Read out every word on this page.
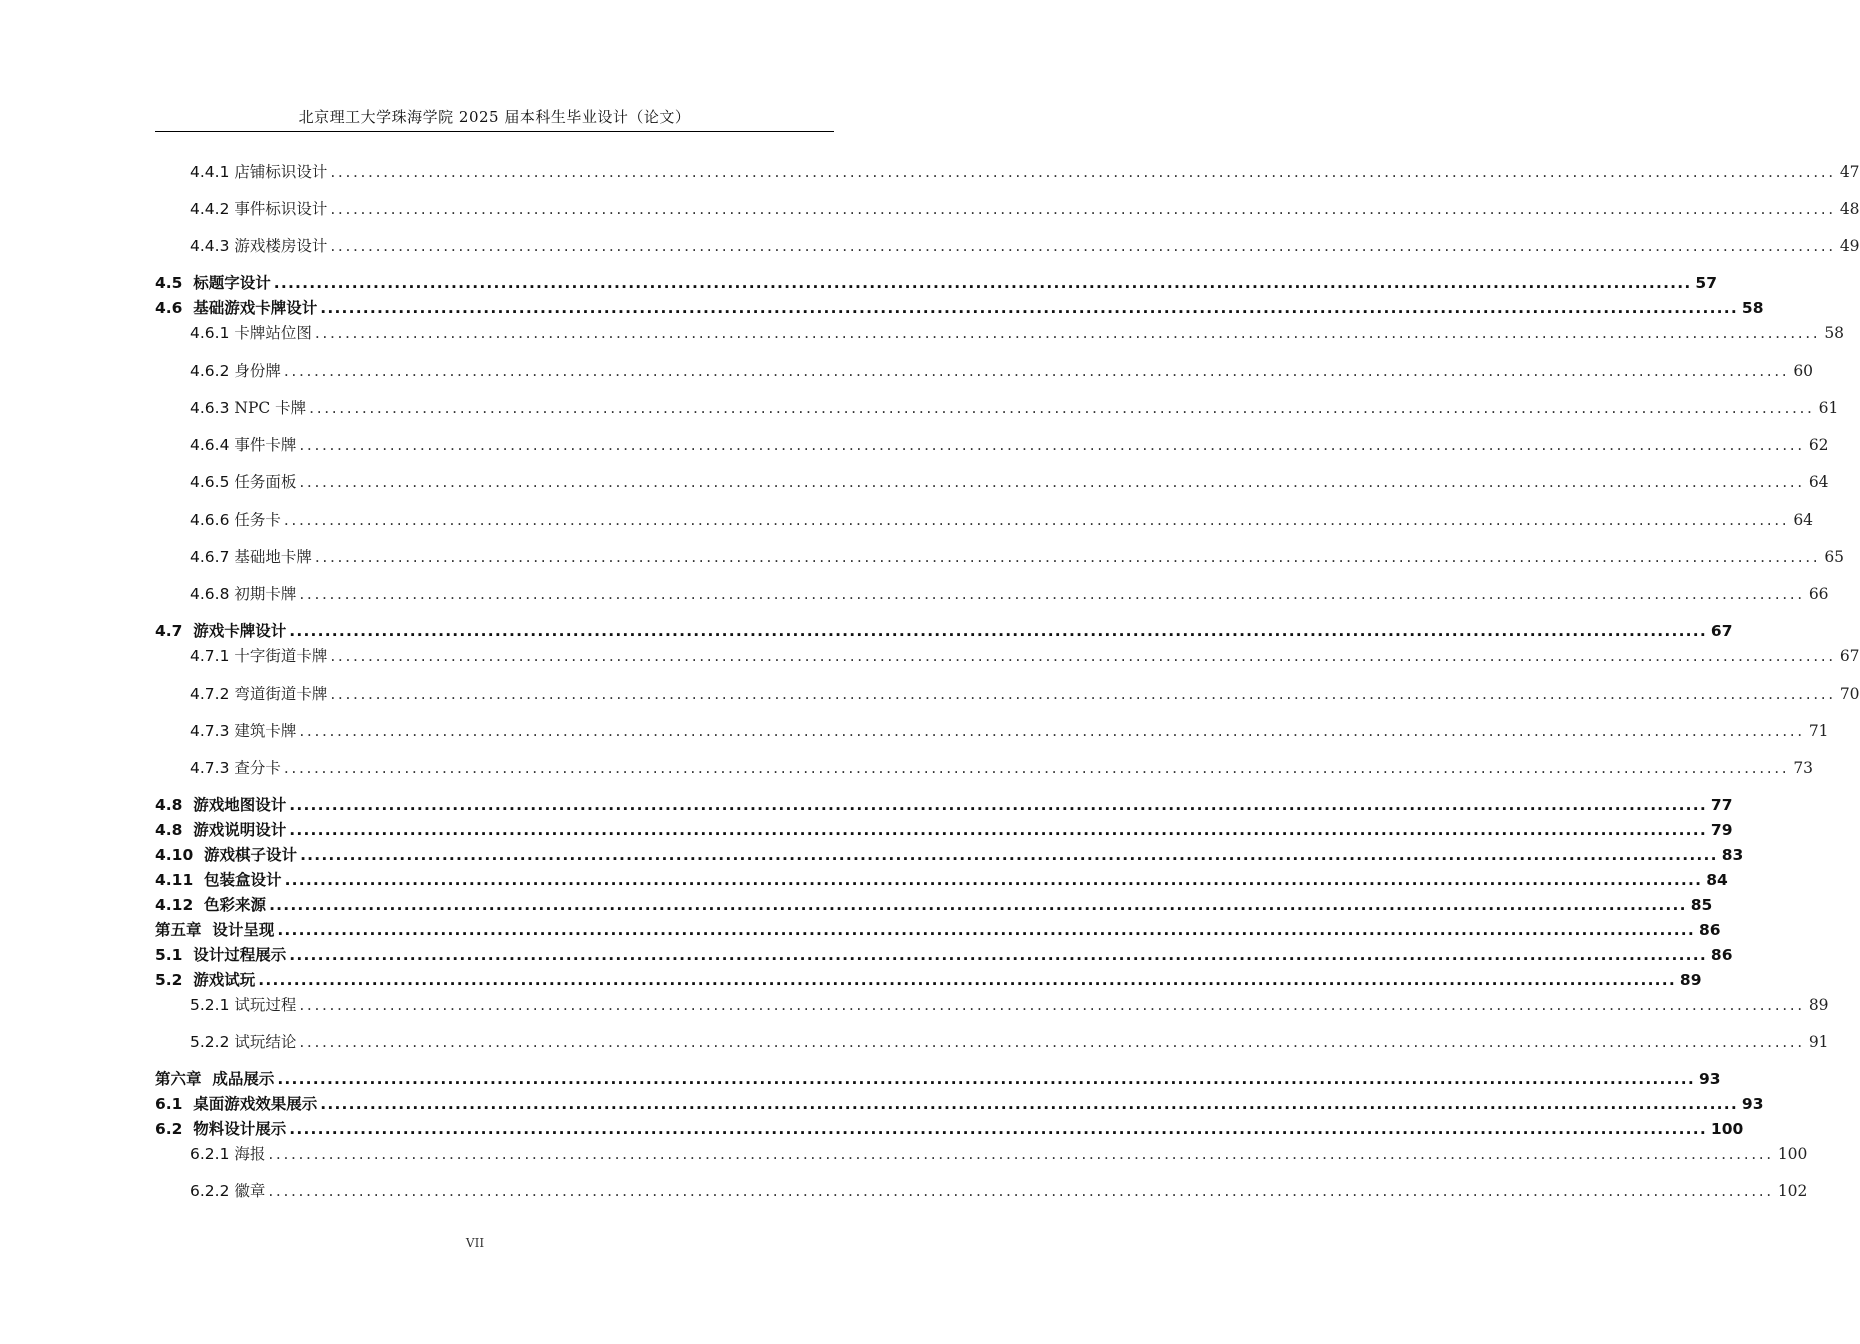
北京理工大学珠海学院 2025 届本科生毕业设计（论文）
4.4.1 店铺标识设计 ........................................................................................................................................................................................................ 47
4.4.2 事件标识设计 ........................................................................................................................................................................................................ 48
4.4.3 游戏楼房设计 ........................................................................................................................................................................................................ 49
4.5 标题字设计 ........................................................................................................................................................................................................ 57
4.6 基础游戏卡牌设计 ........................................................................................................................................................................................................ 58
4.6.1 卡牌站位图 ........................................................................................................................................................................................................ 58
4.6.2 身份牌 ........................................................................................................................................................................................................ 60
4.6.3 NPC 卡牌 ........................................................................................................................................................................................................ 61
4.6.4 事件卡牌 ........................................................................................................................................................................................................ 62
4.6.5 任务面板 ........................................................................................................................................................................................................ 64
4.6.6 任务卡 ........................................................................................................................................................................................................ 64
4.6.7 基础地卡牌 ........................................................................................................................................................................................................ 65
4.6.8 初期卡牌 ........................................................................................................................................................................................................ 66
4.7 游戏卡牌设计 ........................................................................................................................................................................................................ 67
4.7.1 十字街道卡牌 ........................................................................................................................................................................................................ 67
4.7.2 弯道街道卡牌 ........................................................................................................................................................................................................ 70
4.7.3 建筑卡牌 ........................................................................................................................................................................................................ 71
4.7.3 查分卡 ........................................................................................................................................................................................................ 73
4.8 游戏地图设计 ........................................................................................................................................................................................................ 77
4.8 游戏说明设计 ........................................................................................................................................................................................................ 79
4.10 游戏棋子设计 ........................................................................................................................................................................................................ 83
4.11 包装盒设计 ........................................................................................................................................................................................................ 84
4.12 色彩来源 ........................................................................................................................................................................................................ 85
第五章 设计呈现 ........................................................................................................................................................................................................ 86
5.1 设计过程展示 ........................................................................................................................................................................................................ 86
5.2 游戏试玩 ........................................................................................................................................................................................................ 89
5.2.1 试玩过程 ........................................................................................................................................................................................................ 89
5.2.2 试玩结论 ........................................................................................................................................................................................................ 91
第六章 成品展示 ........................................................................................................................................................................................................ 93
6.1 桌面游戏效果展示 ........................................................................................................................................................................................................ 93
6.2 物料设计展示 ........................................................................................................................................................................................................ 100
6.2.1 海报 ........................................................................................................................................................................................................ 100
6.2.2 徽章 ........................................................................................................................................................................................................ 102
VII
